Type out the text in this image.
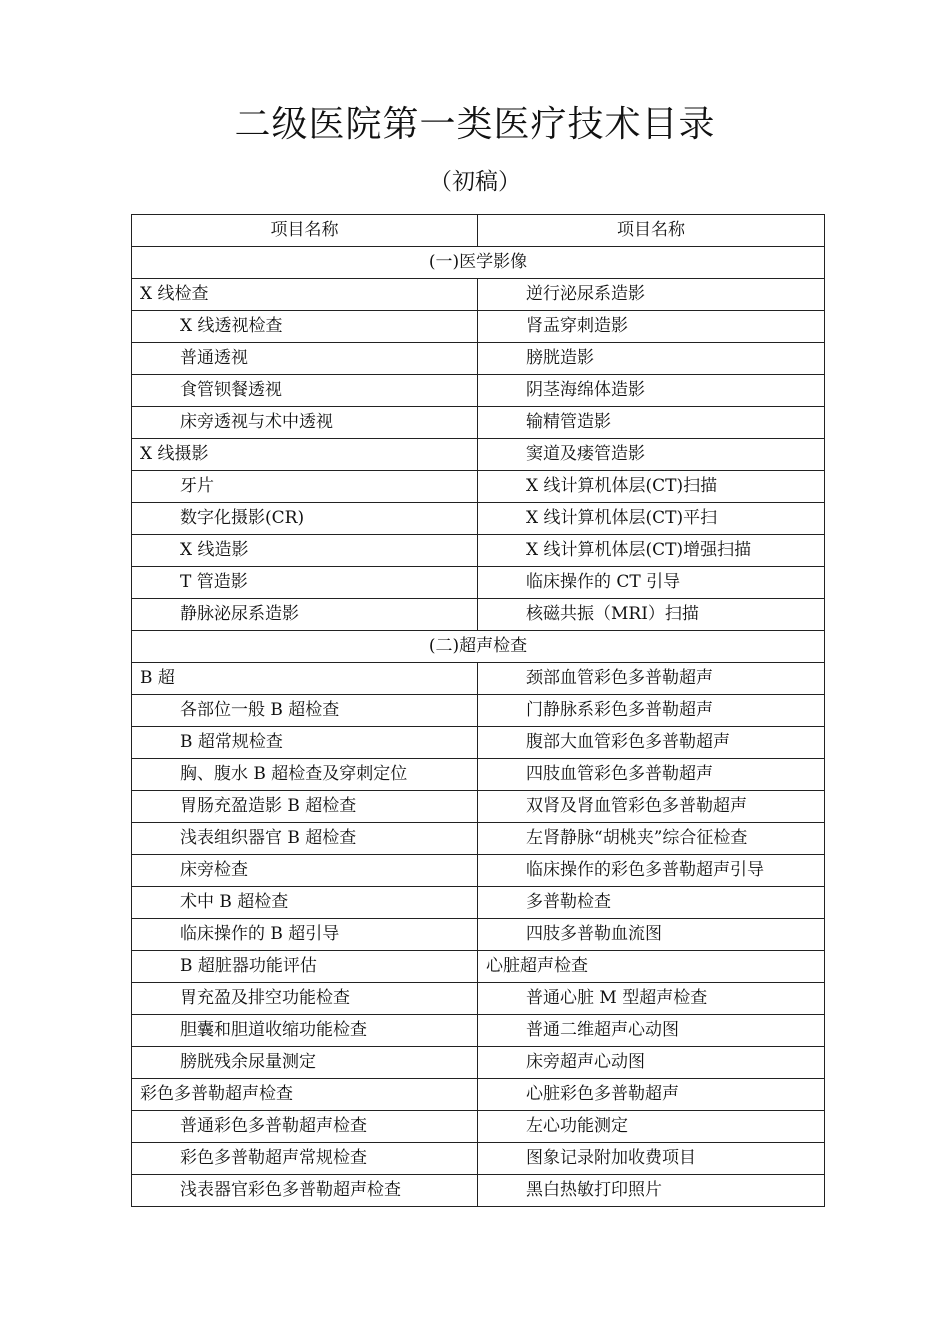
二级医院第一类医疗技术目录
（初稿）
项目名称	项目名称
(一)医学影像	
X 线检查	逆行泌尿系造影
X 线透视检查	肾盂穿刺造影
普通透视	膀胱造影
食管钡餐透视	阴茎海绵体造影
床旁透视与术中透视	输精管造影
X 线摄影	窦道及瘘管造影
牙片	X 线计算机体层(CT)扫描
数字化摄影(CR)	X 线计算机体层(CT)平扫
X 线造影	X 线计算机体层(CT)增强扫描
T 管造影	临床操作的 CT 引导
静脉泌尿系造影	核磁共振（MRI）扫描
(二)超声检查	
B 超	颈部血管彩色多普勒超声
各部位一般 B 超检查	门静脉系彩色多普勒超声
B 超常规检查	腹部大血管彩色多普勒超声
胸、腹水 B 超检查及穿刺定位	四肢血管彩色多普勒超声
胃肠充盈造影 B 超检查	双肾及肾血管彩色多普勒超声
浅表组织器官 B 超检查	左肾静脉“胡桃夹”综合征检查
床旁检查	临床操作的彩色多普勒超声引导
术中 B 超检查	多普勒检查
临床操作的 B 超引导	四肢多普勒血流图
B 超脏器功能评估	心脏超声检查
胃充盈及排空功能检查	普通心脏 M 型超声检查
胆囊和胆道收缩功能检查	普通二维超声心动图
膀胱残余尿量测定	床旁超声心动图
彩色多普勒超声检查	心脏彩色多普勒超声
普通彩色多普勒超声检查	左心功能测定
彩色多普勒超声常规检查	图象记录附加收费项目
浅表器官彩色多普勒超声检查	黑白热敏打印照片
